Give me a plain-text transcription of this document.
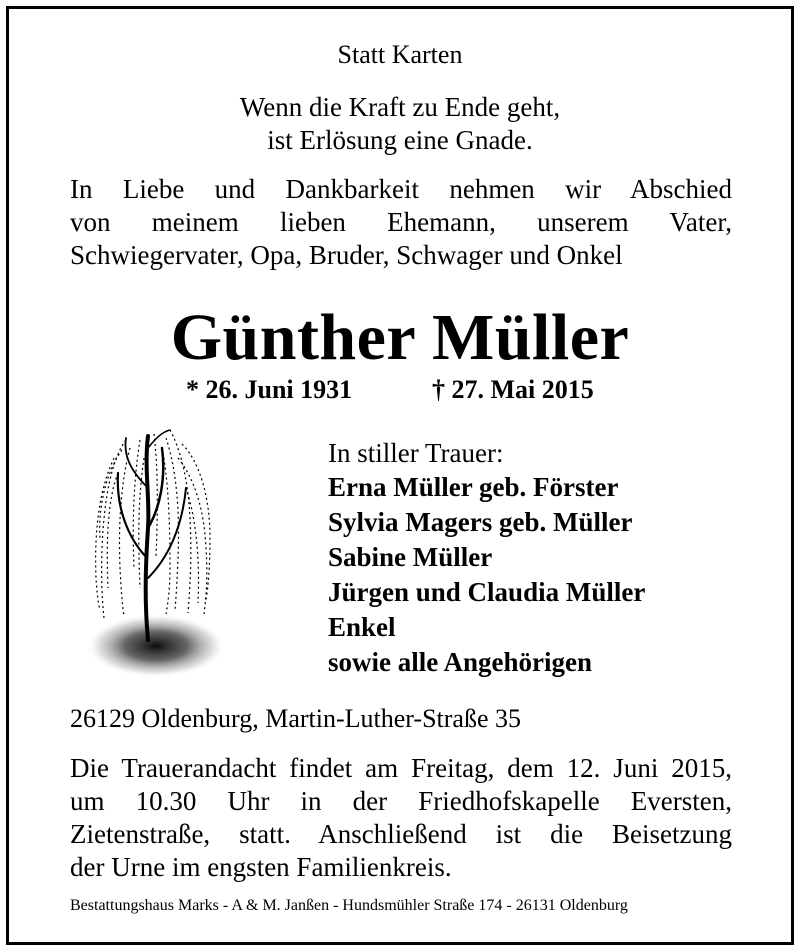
Statt Karten
Wenn die Kraft zu Ende geht,
ist Erlösung eine Gnade.
In Liebe und Dankbarkeit nehmen wir Abschied
von meinem lieben Ehemann, unserem Vater,
Schwiegervater, Opa, Bruder, Schwager und Onkel
Günther Müller
* 26. Juni 1931	† 27. Mai 2015
In stiller Trauer:
Erna Müller geb. Förster
Sylvia Magers geb. Müller
Sabine Müller
Jürgen und Claudia Müller
Enkel
sowie alle Angehörigen
26129 Oldenburg, Martin-Luther-Straße 35
Die Trauerandacht findet am Freitag, dem 12. Juni 2015,
um 10.30 Uhr in der Friedhofskapelle Eversten,
Zietenstraße, statt. Anschließend ist die Beisetzung
der Urne im engsten Familienkreis.
Bestattungshaus Marks - A & M. Janßen - Hundsmühler Straße 174 - 26131 Oldenburg
